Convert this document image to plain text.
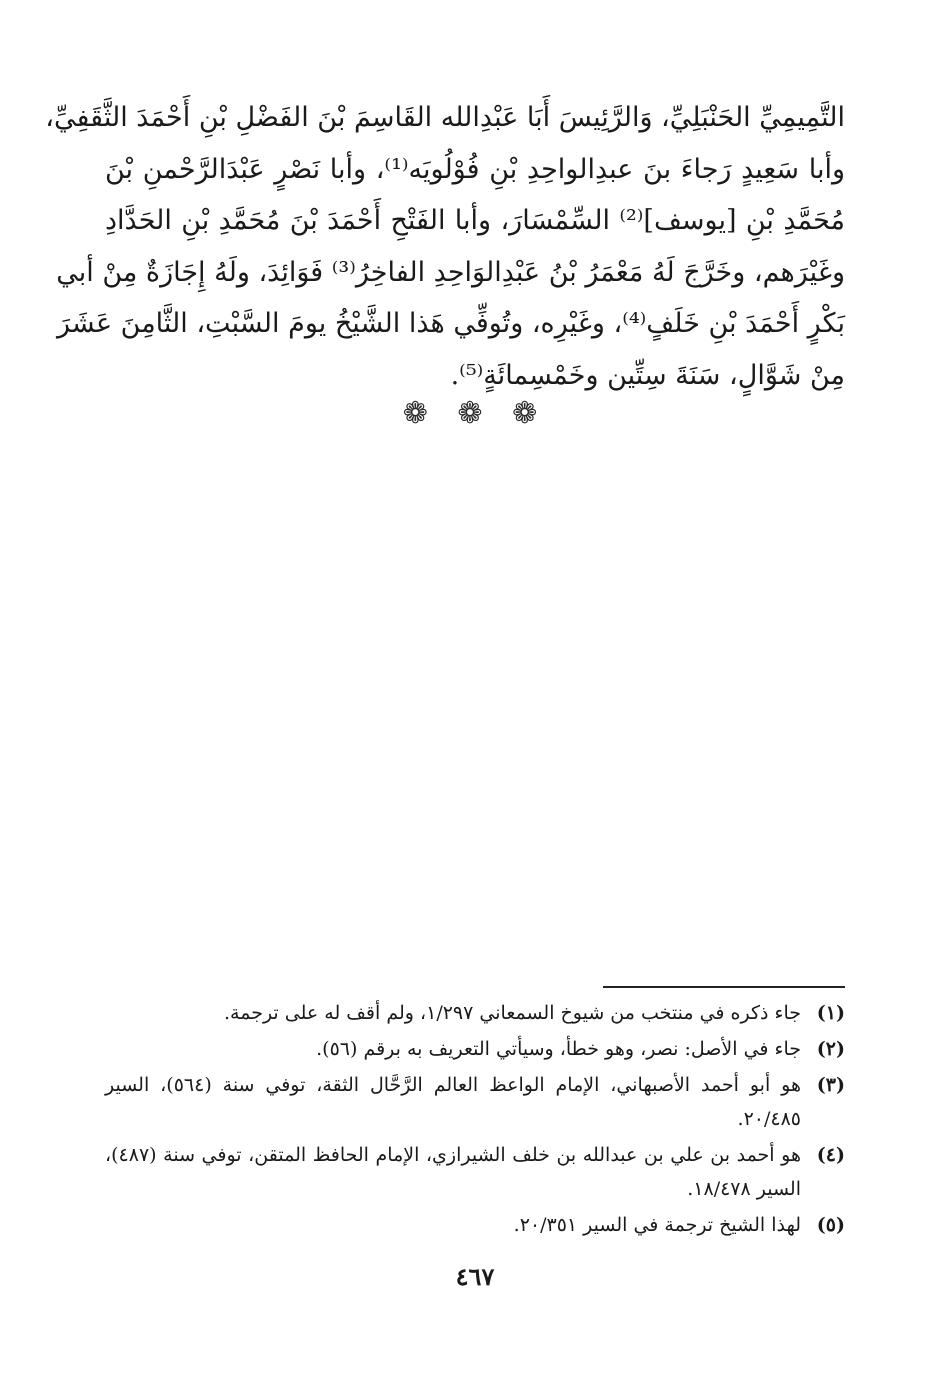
التَّمِيمِيِّ الحَنْبَلِيِّ، وَالرَّئِيسَ أَبَا عَبْدِالله القَاسِمَ بْنَ الفَضْلِ بْنِ أَحْمَدَ الثَّقَفِيِّ،
وأبا سَعِيدٍ رَجاءَ بنَ عبدِالواحِدِ بْنِ فُوْلُويَه⁽¹⁾، وأبا نَصْرٍ عَبْدَالرَّحْمنِ بْنَ
مُحَمَّدِ بْنِ [يوسف]⁽²⁾ السِّمْسَارَ، وأبا الفَتْحِ أَحْمَدَ بْنَ مُحَمَّدِ بْنِ الحَدَّادِ
وغَيْرَهم، وخَرَّجَ لَهُ مَعْمَرُ بْنُ عَبْدِالوَاحِدِ الفاخِرُ⁽³⁾ فَوَائِدَ، ولَهُ إِجَازَةٌ مِنْ أبي
بَكْرٍ أَحْمَدَ بْنِ خَلَفٍ⁽⁴⁾، وغَيْرِه، وتُوفِّي هَذا الشَّيْخُ يومَ السَّبْتِ، الثَّامِنَ عَشَرَ
مِنْ شَوَّالٍ، سَنَةَ سِتِّين وخَمْسِمائَةٍ⁽⁵⁾.
❁ ❁ ❁
(١)
جاء ذكره في منتخب من شيوخ السمعاني ١/٢٩٧، ولم أقف له على ترجمة.
(٢)
جاء في الأصل: نصر، وهو خطأ، وسيأتي التعريف به برقم (٥٦).
(٣)
هو أبو أحمد الأصبهاني، الإمام الواعظ العالم الرَّحَّال الثقة، توفي سنة (٥٦٤)، السير ٢٠/٤٨٥.
(٤)
هو أحمد بن علي بن عبدالله بن خلف الشيرازي، الإمام الحافظ المتقن، توفي سنة (٤٨٧)، السير ١٨/٤٧٨.
(٥)
لهذا الشيخ ترجمة في السير ٢٠/٣٥١.
٤٦٧
